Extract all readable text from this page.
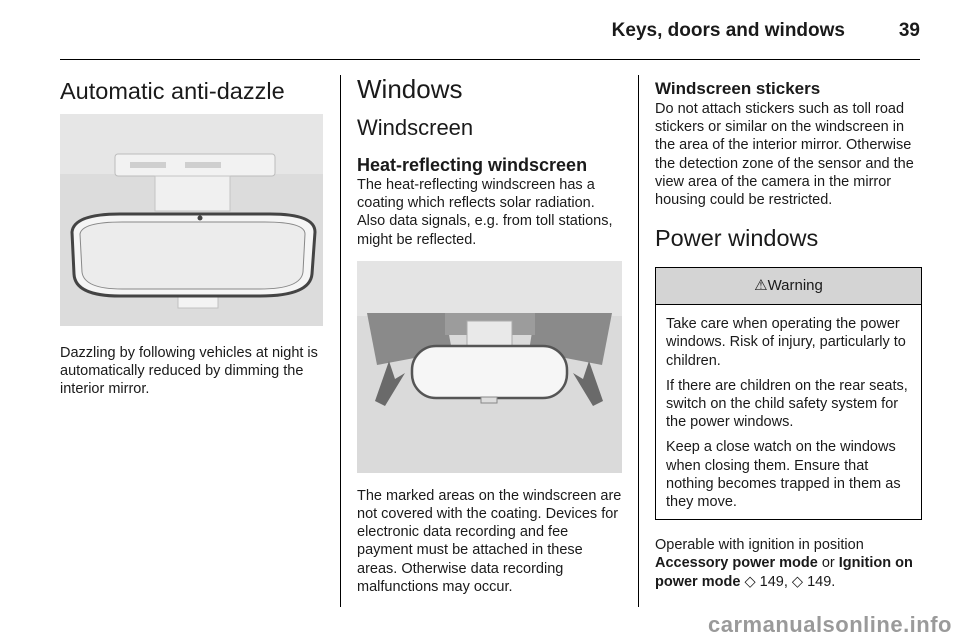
Keys, doors and windows	39
Automatic anti-dazzle

Dazzling by following vehicles at night is automatically reduced by dimming the interior mirror.

Windows
Windscreen
Heat-reflecting windscreen

The heat-reflecting windscreen has a coating which reflects solar radiation. Also data signals, e.g. from toll stations, might be reflected.

The marked areas on the windscreen are not covered with the coating. Devices for electronic data recording and fee payment must be attached in these areas. Otherwise data recording malfunctions may occur.

Windscreen stickers

Do not attach stickers such as toll road stickers or similar on the windscreen in the area of the interior mirror. Otherwise the detection zone of the sensor and the view area of the camera in the mirror housing could be restricted.

Power windows
⚠Warning

Take care when operating the power windows. Risk of injury, particularly to children.

If there are children on the rear seats, switch on the child safety system for the power windows.

Keep a close watch on the windows when closing them. Ensure that nothing becomes trapped in them as they move.

Operable with ignition in position
Accessory power mode or Ignition on power mode ◇ 149, ◇ 149.

carmanualsonline.info
